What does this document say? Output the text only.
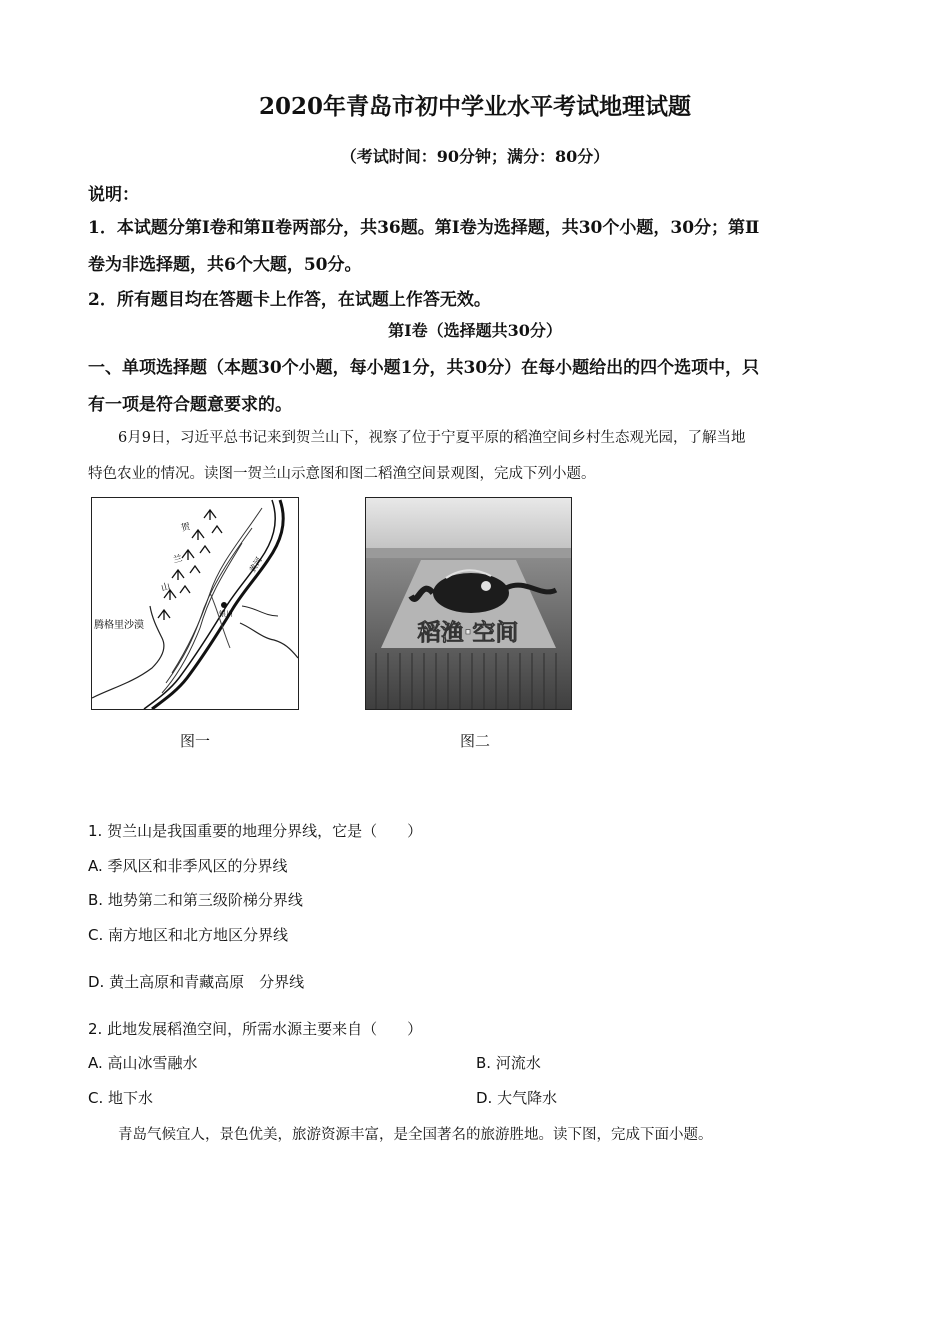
2020年青岛市初中学业水平考试地理试题
（考试时间：90分钟；满分：80分）
说明：
1．本试题分第Ⅰ卷和第Ⅱ卷两部分，共36题。第Ⅰ卷为选择题，共30个小题，30分；第Ⅱ
卷为非选择题，共6个大题，50分。
2．所有题目均在答题卡上作答，在试题上作答无效。
第Ⅰ卷（选择题共30分）
一、单项选择题（本题30个小题，每小题1分，共30分）在每小题给出的四个选项中，只
有一项是符合题意要求的。
6月9日，习近平总书记来到贺兰山下，视察了位于宁夏平原的稻渔空间乡村生态观光园，了解当地
特色农业的情况。读图一贺兰山示意图和图二稻渔空间景观图，完成下列小题。
贺
兰
山
黄河
银川
腾格里沙漠
图一
稻渔·空间
图二
1. 贺兰山是我国重要的地理分界线，它是（　　）
A. 季风区和非季风区的分界线
B. 地势第二和第三级阶梯分界线
C. 南方地区和北方地区分界线
D. 黄土高原和青藏高原　分界线
2. 此地发展稻渔空间，所需水源主要来自（　　）
A. 高山冰雪融水	B. 河流水
C. 地下水	D. 大气降水
青岛气候宜人，景色优美，旅游资源丰富，是全国著名的旅游胜地。读下图，完成下面小题。
